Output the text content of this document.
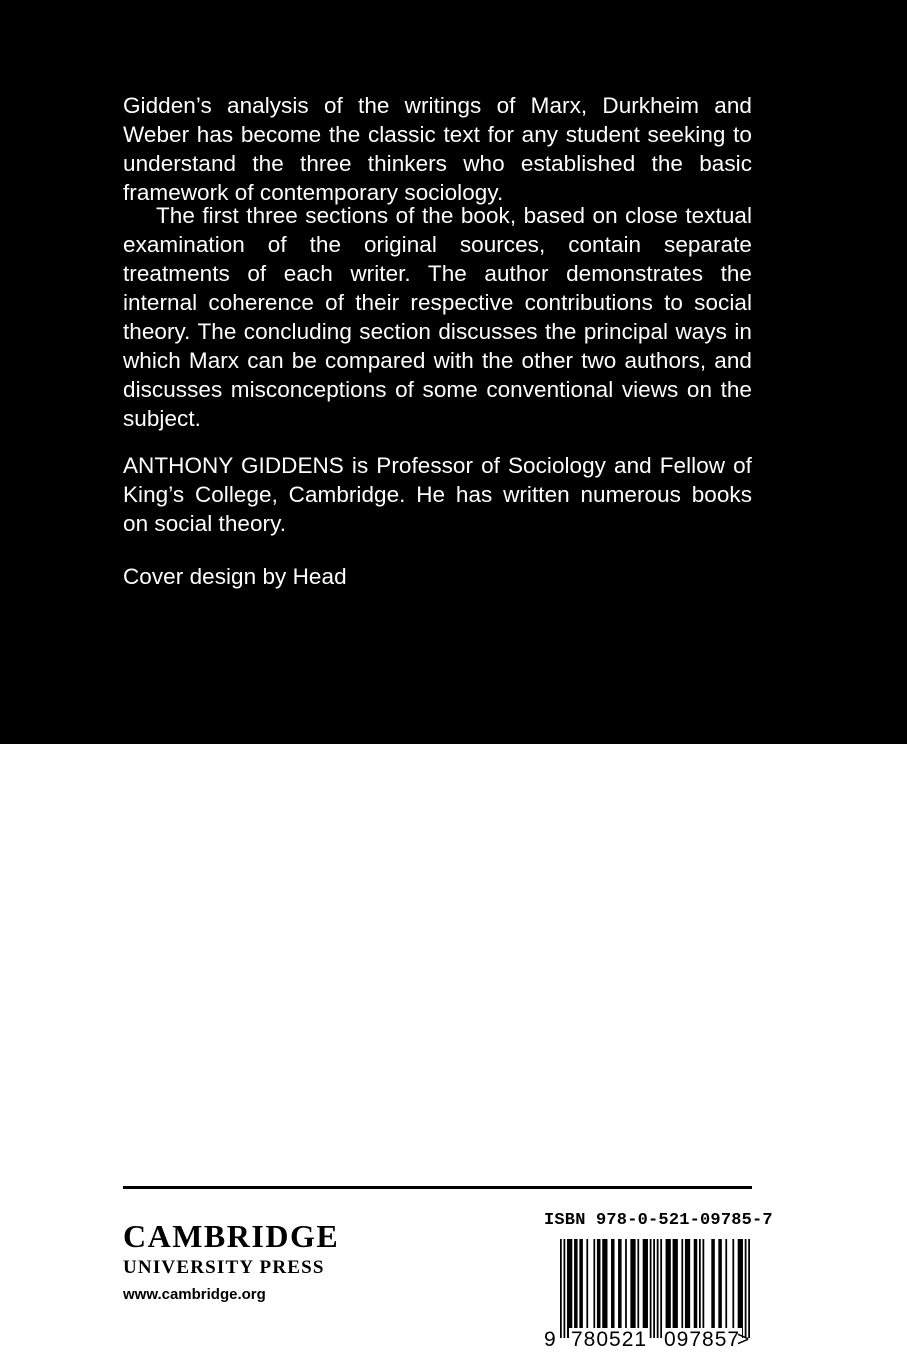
Gidden’s analysis of the writings of Marx, Durkheim and Weber has become the classic text for any student seeking to understand the three thinkers who established the basic framework of contemporary sociology.

The first three sections of the book, based on close textual examination of the original sources, contain separate treatments of each writer. The author demonstrates the internal coherence of their respective contributions to social theory. The concluding section discusses the principal ways in which Marx can be compared with the other two authors, and discusses misconceptions of some conventional views on the subject.

ANTHONY GIDDENS is Professor of Sociology and Fellow of King’s College, Cambridge. He has written numerous books on social theory.

Cover design by Head

CAMBRIDGE
UNIVERSITY PRESS
www.cambridge.org
ISBN 978-0-521-09785-7
9 780521 097857
>
